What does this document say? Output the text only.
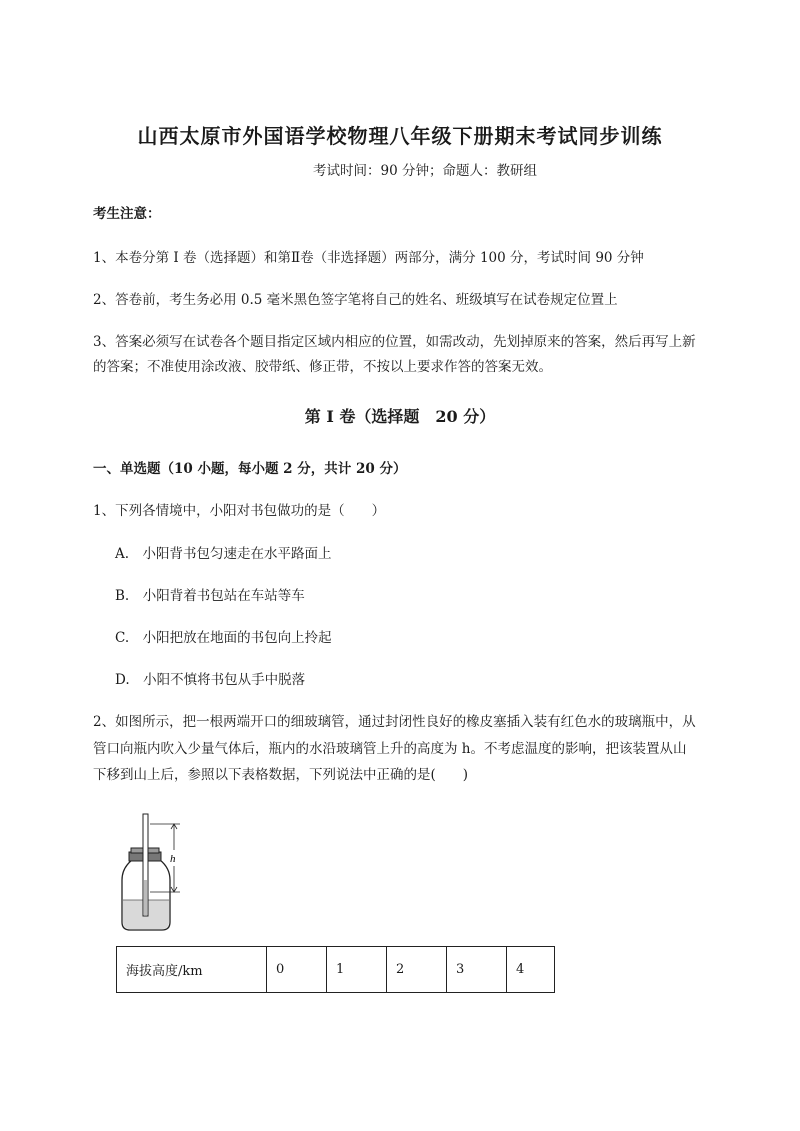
山西太原市外国语学校物理八年级下册期末考试同步训练
考试时间：90 分钟；命题人：教研组
考生注意：
1、本卷分第 I 卷（选择题）和第Ⅱ卷（非选择题）两部分，满分 100 分，考试时间 90 分钟
2、答卷前，考生务必用 0.5 毫米黑色签字笔将自己的姓名、班级填写在试卷规定位置上
3、答案必须写在试卷各个题目指定区域内相应的位置，如需改动，先划掉原来的答案，然后再写上新
的答案；不准使用涂改液、胶带纸、修正带，不按以上要求作答的答案无效。
第 I 卷（选择题　20 分）
一、单选题（10 小题，每小题 2 分，共计 20 分）
1、下列各情境中，小阳对书包做功的是（　　）
A.　小阳背书包匀速走在水平路面上
B.　小阳背着书包站在车站等车
C.　小阳把放在地面的书包向上拎起
D.　小阳不慎将书包从手中脱落
2、如图所示，把一根两端开口的细玻璃管，通过封闭性良好的橡皮塞插入装有红色水的玻璃瓶中，从
管口向瓶内吹入少量气体后，瓶内的水沿玻璃管上升的高度为 h。不考虑温度的影响，把该装置从山
下移到山上后，参照以下表格数据，下列说法中正确的是(　　)
h
海拔高度/km	0	1	2	3	4
